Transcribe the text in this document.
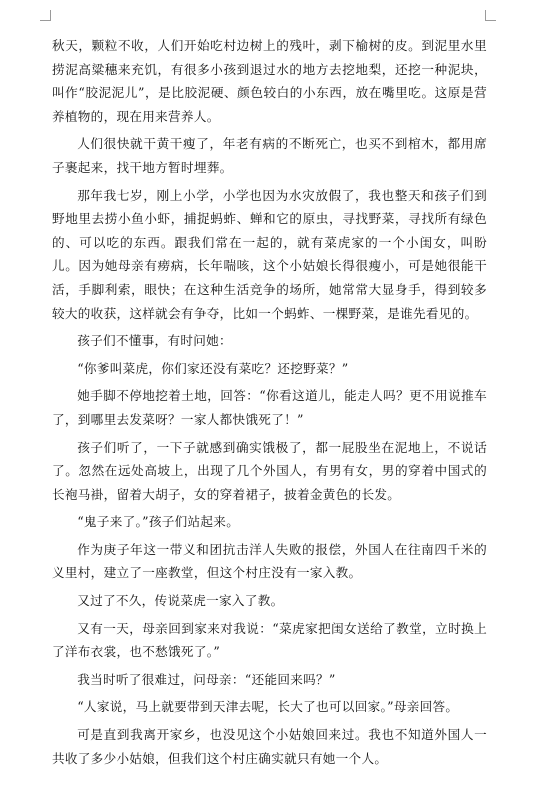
秋天，颗粒不收，人们开始吃村边树上的残叶，剥下榆树的皮。到泥里水里捞泥高粱穗来充饥，有很多小孩到退过水的地方去挖地梨，还挖一种泥块，叫作“胶泥泥儿”，是比胶泥硬、颜色较白的小东西，放在嘴里吃。这原是营养植物的，现在用来营养人。

人们很快就干黄干瘦了，年老有病的不断死亡，也买不到棺木，都用席子裹起来，找干地方暂时埋葬。

那年我七岁，刚上小学，小学也因为水灾放假了，我也整天和孩子们到野地里去捞小鱼小虾，捕捉蚂蚱、蝉和它的原虫，寻找野菜，寻找所有绿色的、可以吃的东西。跟我们常在一起的，就有菜虎家的一个小闺女，叫盼儿。因为她母亲有痨病，长年喘咳，这个小姑娘长得很瘦小，可是她很能干活，手脚利索，眼快；在这种生活竞争的场所，她常常大显身手，得到较多较大的收获，这样就会有争夺，比如一个蚂蚱、一棵野菜，是谁先看见的。

孩子们不懂事，有时问她：

“你爹叫菜虎，你们家还没有菜吃？还挖野菜？”

她手脚不停地挖着土地，回答：“你看这道儿，能走人吗？更不用说推车了，到哪里去发菜呀？一家人都快饿死了！”

孩子们听了，一下子就感到确实饿极了，都一屁股坐在泥地上，不说话了。忽然在远处高坡上，出现了几个外国人，有男有女，男的穿着中国式的长袍马褂，留着大胡子，女的穿着裙子，披着金黄色的长发。

“鬼子来了。”孩子们站起来。

作为庚子年这一带义和团抗击洋人失败的报偿，外国人在往南四千米的义里村，建立了一座教堂，但这个村庄没有一家入教。

又过了不久，传说菜虎一家入了教。

又有一天，母亲回到家来对我说：“菜虎家把闺女送给了教堂，立时换上了洋布衣裳，也不愁饿死了。”

我当时听了很难过，问母亲：“还能回来吗？”

“人家说，马上就要带到天津去呢，长大了也可以回家。”母亲回答。

可是直到我离开家乡，也没见这个小姑娘回来过。我也不知道外国人一共收了多少小姑娘，但我们这个村庄确实就只有她一个人。
